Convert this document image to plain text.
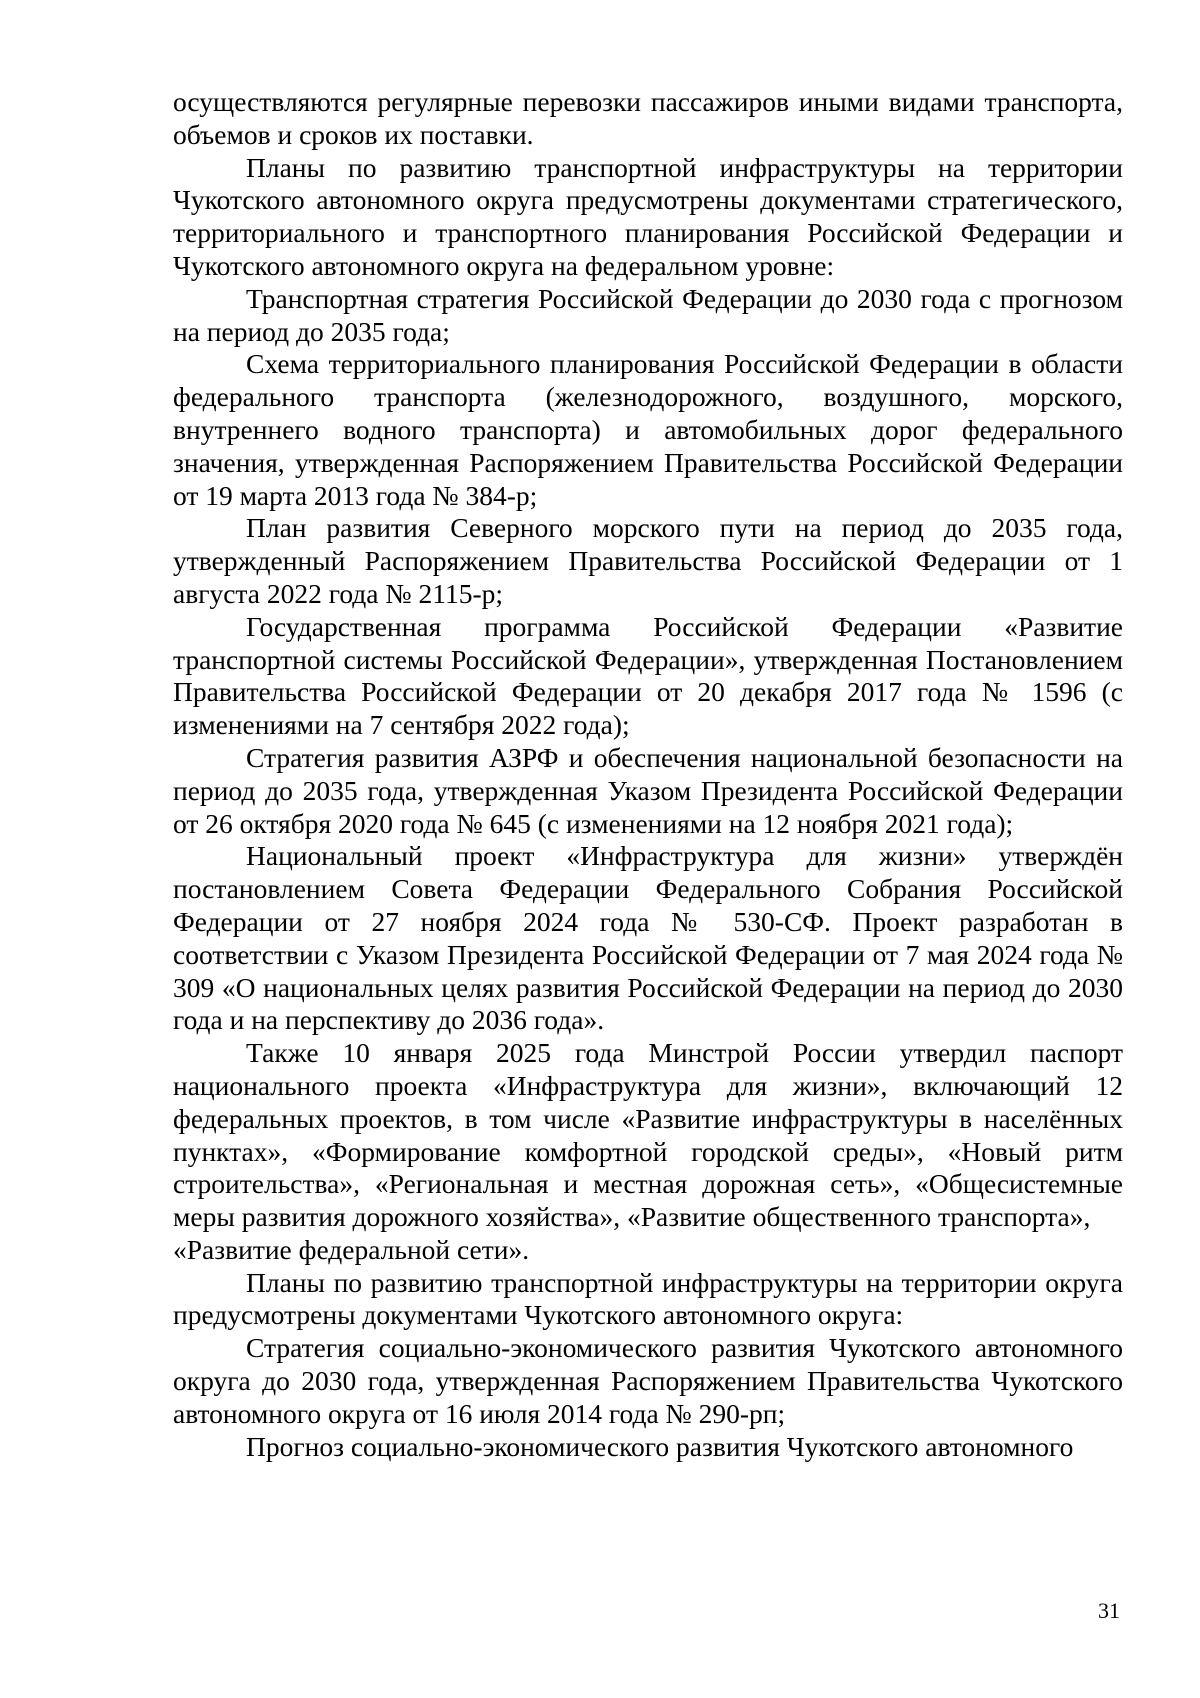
осуществляются регулярные перевозки пассажиров иными видами транспорта, объемов и сроков их поставки.

Планы по развитию транспортной инфраструктуры на территории Чукотского автономного округа предусмотрены документами стратегического, территориального и транспортного планирования Российской Федерации и Чукотского автономного округа на федеральном уровне:

Транспортная стратегия Российской Федерации до 2030 года с прогнозом на период до 2035 года;

Схема территориального планирования Российской Федерации в области федерального транспорта (железнодорожного, воздушного, морского, внутреннего водного транспорта) и автомобильных дорог федерального значения, утвержденная Распоряжением Правительства Российской Федерации от 19 марта 2013 года № 384-р;

План развития Северного морского пути на период до 2035 года, утвержденный Распоряжением Правительства Российской Федерации от 1 августа 2022 года № 2115-р;

Государственная программа Российской Федерации «Развитие транспортной системы Российской Федерации», утвержденная Постановлением Правительства Российской Федерации от 20 декабря 2017 года № 1596 (с изменениями на 7 сентября 2022 года);

Стратегия развития АЗРФ и обеспечения национальной безопасности на период до 2035 года, утвержденная Указом Президента Российской Федерации от 26 октября 2020 года № 645 (с изменениями на 12 ноября 2021 года);

Национальный проект «Инфраструктура для жизни» утверждён постановлением Совета Федерации Федерального Собрания Российской Федерации от 27 ноября 2024 года № 530-СФ. Проект разработан в соответствии с Указом Президента Российской Федерации от 7 мая 2024 года № 309 «О национальных целях развития Российской Федерации на период до 2030 года и на перспективу до 2036 года».

Также 10 января 2025 года Минстрой России утвердил паспорт национального проекта «Инфраструктура для жизни», включающий 12 федеральных проектов, в том числе «Развитие инфраструктуры в населённых пунктах», «Формирование комфортной городской среды», «Новый ритм строительства», «Региональная и местная дорожная сеть», «Общесистемные меры развития дорожного хозяйства», «Развитие общественного транспорта»,

«Развитие федеральной сети».

Планы по развитию транспортной инфраструктуры на территории округа предусмотрены документами Чукотского автономного округа:

Стратегия социально-экономического развития Чукотского автономного округа до 2030 года, утвержденная Распоряжением Правительства Чукотского автономного округа от 16 июля 2014 года № 290-рп;

Прогноз социально-экономического развития Чукотского автономного

31
